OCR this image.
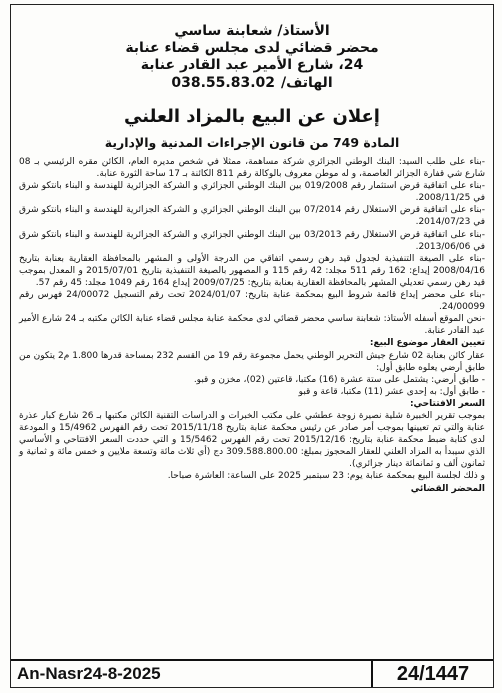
الأستاذ/ شعابنة ساسي
محضر قضائي لدى مجلس قضاء عنابة
24، شارع الأمير عبد القادر عنابة
الهاتف/
038.55.83.02
إعلان عن البيع بالمزاد العلني
المادة 749 من قانون الإجراءات المدنية والإدارية

-بناء على طلب السيد: البنك الوطني الجزائري شركة مساهمة، ممثلا في شخص مديره العام، الكائن مقره الرئيسي بـ 08 شارع شي قفارة الجزائر العاصمة، و له موطن معروف بالوكالة رقم 811 الكائنة بـ 17 ساحة الثورة عنابة.

-بناء على اتفاقية قرض استثمار رقم 019/2008 بين البنك الوطني الجزائري و الشركة الجزائرية للهندسة و البناء بانتكو شرق في 2008/11/25.

-بناء على اتفاقية قرض الاستغلال رقم 07/2014 بين البنك الوطني الجزائري و الشركة الجزائرية للهندسة و البناء بانتكو شرق في 2014/07/23.

-بناء على اتفاقية قرض الاستغلال رقم 03/2013 بين البنك الوطني الجزائري و الشركة الجزائرية للهندسة و البناء بانتكو شرق في 2013/06/06.

-بناء على الصيغة التنفيذية لجدول قيد رهن رسمي اتفاقي من الدرجة الأولى و المشهر بالمحافظة العقارية بعنابة بتاريخ 2008/04/16 إيداع: 162 رقم 511 مجلد: 42 رقم 115 و المصهور بالصيغة التنفيذية بتاريخ 2015/07/01 و المعدل بموجب قيد رهن رسمي تعديلي المشهر بالمحافظة العقارية بعنابة بتاريخ: 2009/07/25 إيداع 164 رقم 1049 مجلد: 45 رقم 57.

-بناء على محضر إيداع قائمة شروط البيع بمحكمة عنابة بتاريخ: 2024/01/07 تحت رقم التسجيل 24/00072 فهرس رقم 24/00099.

-نحن الموقع أسفله الأستاذ: شعابنة ساسي محضر قضائي لدى محكمة عنابة مجلس قضاء عنابة الكائن مكتبه بـ 24 شارع الأمير عبد القادر عنابة.

تعيين العقار موضوع البيع:

عقار كائن بعنابة 02 شارع جيش التحرير الوطني يحمل مجموعة رقم 19 من القسم 232 بمساحة قدرها 1.800 م2 يتكون من طابق أرضي يعلوه طابق أول:

- طابق أرضي: يشتمل على ستة عشرة (16) مكتبا، قاعتين (02)، مخزن و قبو.

- طابق أول: به إحدى عشر (11) مكتبا، قاعة و قبو

السعر الافتتاحي:

بموجب تقرير الخبيرة شلية نصيرة زوجة عطشي على مكتب الخبرات و الدراسات التقنية الكائن مكتبها بـ 26 شارع كبار عذرة عنابة والتي تم تعيينها بموجب أمر صادر عن رئيس محكمة عنابة بتاريخ 2015/11/18 تحت رقم الفهرس 15/4962 و المودعة لدى كتابة ضبط محكمة عنابة بتاريخ: 2015/12/16 تحت رقم الفهرس 15/5462 و التي حددت السعر الافتتاحي و الأساسي الذي سيبدأ به المزاد العلني للعقار المحجوز بمبلغ: 309.588.800.00 دج (أي ثلاث مائة وتسعة ملايين و خمس مائة و ثمانية و ثمانون ألف و ثمانمائة دينار جزائري).

و ذلك لجلسة البيع بمحكمة عنابة يوم: 23 سبتمبر 2025 على الساعة: العاشرة صباحا.

المحضر القضائي

An-Nasr24-8-2025	24/1447
